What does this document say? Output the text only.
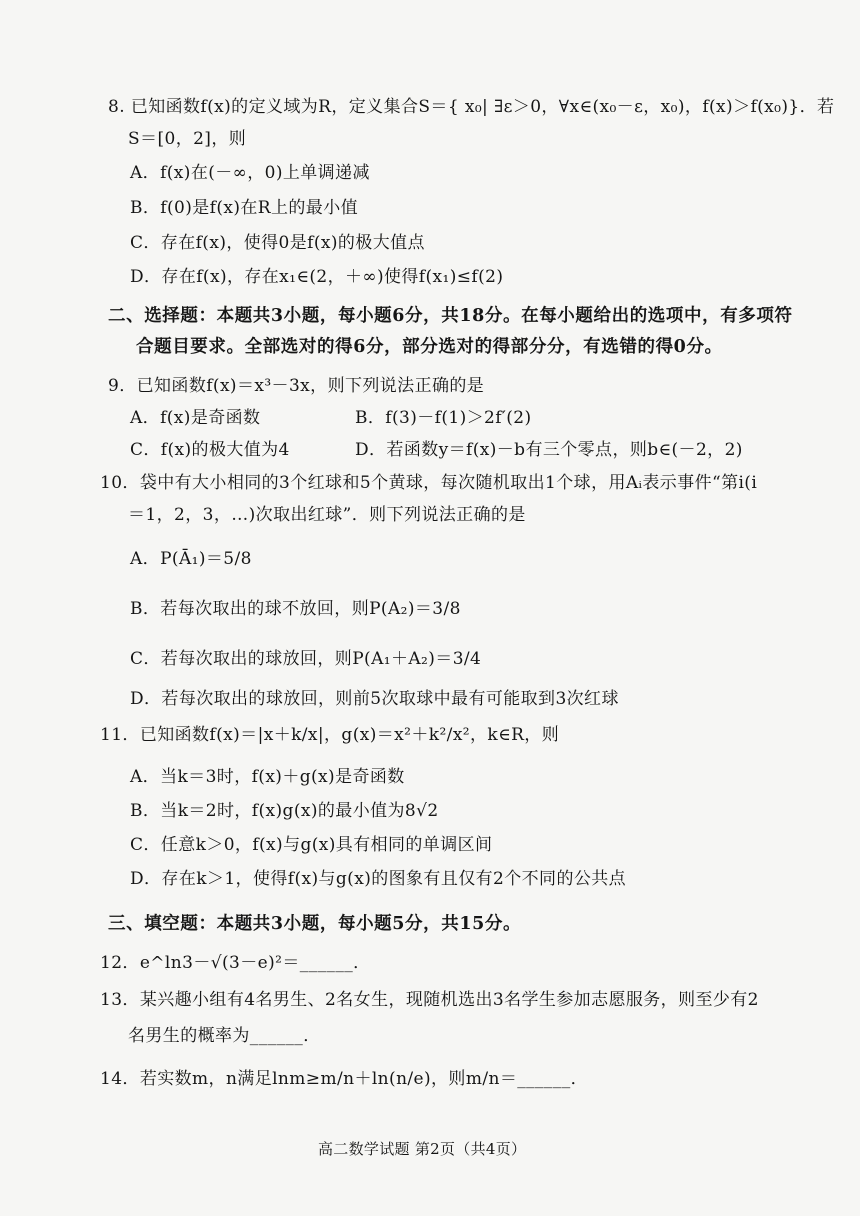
8. 已知函数f(x)的定义域为R，定义集合S＝{ x₀| ∃ε＞0，∀x∈(x₀－ε，x₀)，f(x)＞f(x₀)}．若
S＝[0，2]，则
A．f(x)在(－∞，0)上单调递减
B．f(0)是f(x)在R上的最小值
C．存在f(x)，使得0是f(x)的极大值点
D．存在f(x)，存在x₁∈(2，＋∞)使得f(x₁)≤f(2)
二、选择题：本题共3小题，每小题6分，共18分。在每小题给出的选项中，有多项符
合题目要求。全部选对的得6分，部分选对的得部分分，有选错的得0分。
9．已知函数f(x)＝x³－3x，则下列说法正确的是
A．f(x)是奇函数	B．f(3)－f(1)＞2f′(2)
C．f(x)的极大值为4	D．若函数y＝f(x)－b有三个零点，则b∈(－2，2)
10．袋中有大小相同的3个红球和5个黄球，每次随机取出1个球，用Aᵢ表示事件“第i(i
＝1，2，3，…)次取出红球”．则下列说法正确的是
A．P(Ā₁)＝5/8
B．若每次取出的球不放回，则P(A₂)＝3/8
C．若每次取出的球放回，则P(A₁＋A₂)＝3/4
D．若每次取出的球放回，则前5次取球中最有可能取到3次红球
11．已知函数f(x)＝|x＋k/x|，g(x)＝x²＋k²/x²，k∈R，则
A．当k＝3时，f(x)＋g(x)是奇函数
B．当k＝2时，f(x)g(x)的最小值为8√2
C．任意k＞0，f(x)与g(x)具有相同的单调区间
D．存在k＞1，使得f(x)与g(x)的图象有且仅有2个不同的公共点
三、填空题：本题共3小题，每小题5分，共15分。
12．e^ln3－√(3－e)²＝______．
13．某兴趣小组有4名男生、2名女生，现随机选出3名学生参加志愿服务，则至少有2
名男生的概率为______．
14．若实数m，n满足lnm≥m/n＋ln(n/e)，则m/n＝______．
高二数学试题 第2页（共4页）
